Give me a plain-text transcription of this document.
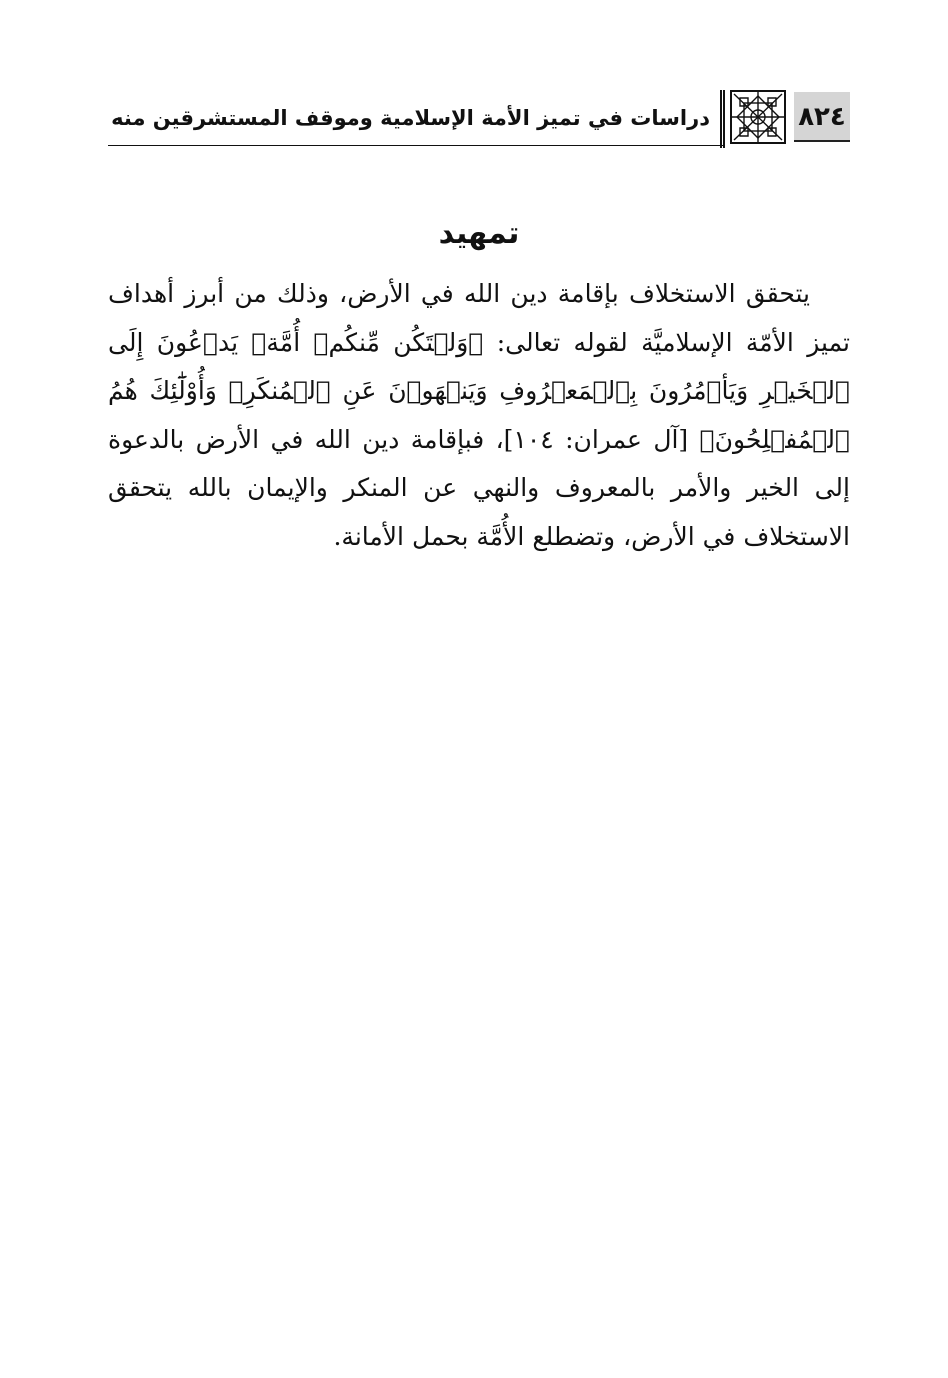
٨٢٤
دراسات في تميز الأمة الإسلامية وموقف المستشرقين منه
تمهيد
يتحقق الاستخلاف بإقامة دين الله في الأرض، وذلك من أبرز أهداف تميز الأمّة الإسلاميَّة لقوله تعالى: ﴿وَلۡتَكُن مِّنكُمۡ أُمَّةٞ يَدۡعُونَ إِلَى ٱلۡخَيۡرِ وَيَأۡمُرُونَ بِٱلۡمَعۡرُوفِ وَيَنۡهَوۡنَ عَنِ ٱلۡمُنكَرِۚ وَأُوْلَٰٓئِكَ هُمُ ٱلۡمُفۡلِحُونَ﴾ [آل عمران: ١٠٤]، فبإقامة دين الله في الأرض بالدعوة إلى الخير والأمر بالمعروف والنهي عن المنكر والإيمان بالله يتحقق الاستخلاف في الأرض، وتضطلع الأُمَّة بحمل الأمانة.
